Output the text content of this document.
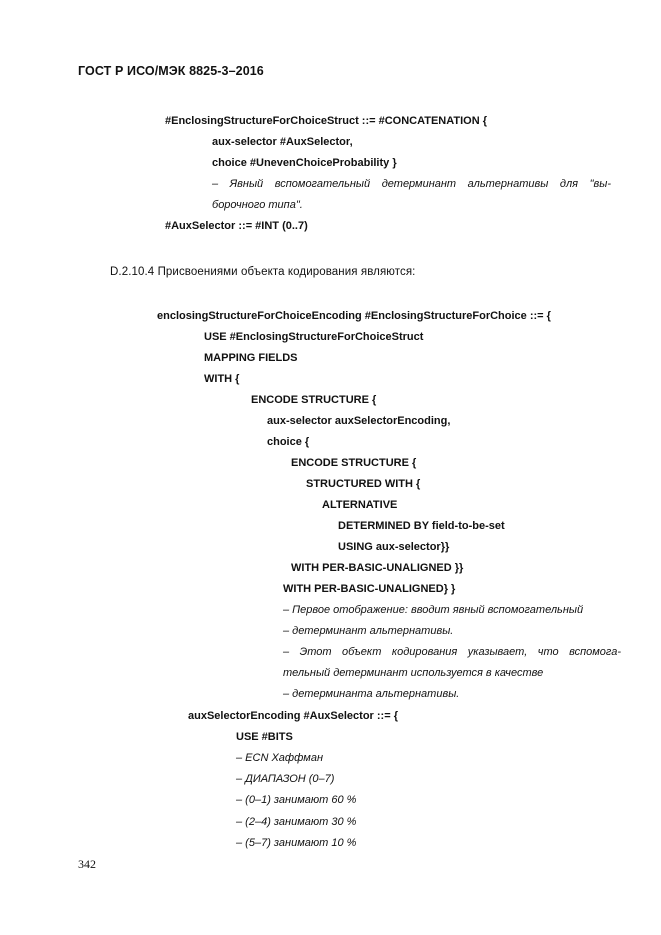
ГОСТ Р ИСО/МЭК 8825-3–2016
#EnclosingStructureForChoiceStruct ::= #CONCATENATION {
aux-selector #AuxSelector,
choice #UnevenChoiceProbability }
– Явный вспомогательный детерминант альтернативы для "вы-
борочного типа".
#AuxSelector ::= #INT (0..7)
D.2.10.4 Присвоениями объекта кодирования являются:
enclosingStructureForChoiceEncoding #EnclosingStructureForChoice ::= {
USE #EnclosingStructureForChoiceStruct
MAPPING FIELDS
WITH {
ENCODE STRUCTURE {
aux-selector auxSelectorEncoding,
choice {
ENCODE STRUCTURE {
STRUCTURED WITH {
ALTERNATIVE
DETERMINED BY field-to-be-set
USING aux-selector}}
WITH PER-BASIC-UNALIGNED }}
WITH PER-BASIC-UNALIGNED} }
– Первое отображение: вводит явный вспомогательный
– детерминант альтернативы.
– Этот объект кодирования указывает, что вспомога-
тельный детерминант используется в качестве
– детерминанта альтернативы.
auxSelectorEncoding #AuxSelector ::= {
USE #BITS
– ECN Хаффман
– ДИАПАЗОН (0–7)
– (0–1) занимают 60 %
– (2–4) занимают 30 %
– (5–7) занимают 10 %
342
